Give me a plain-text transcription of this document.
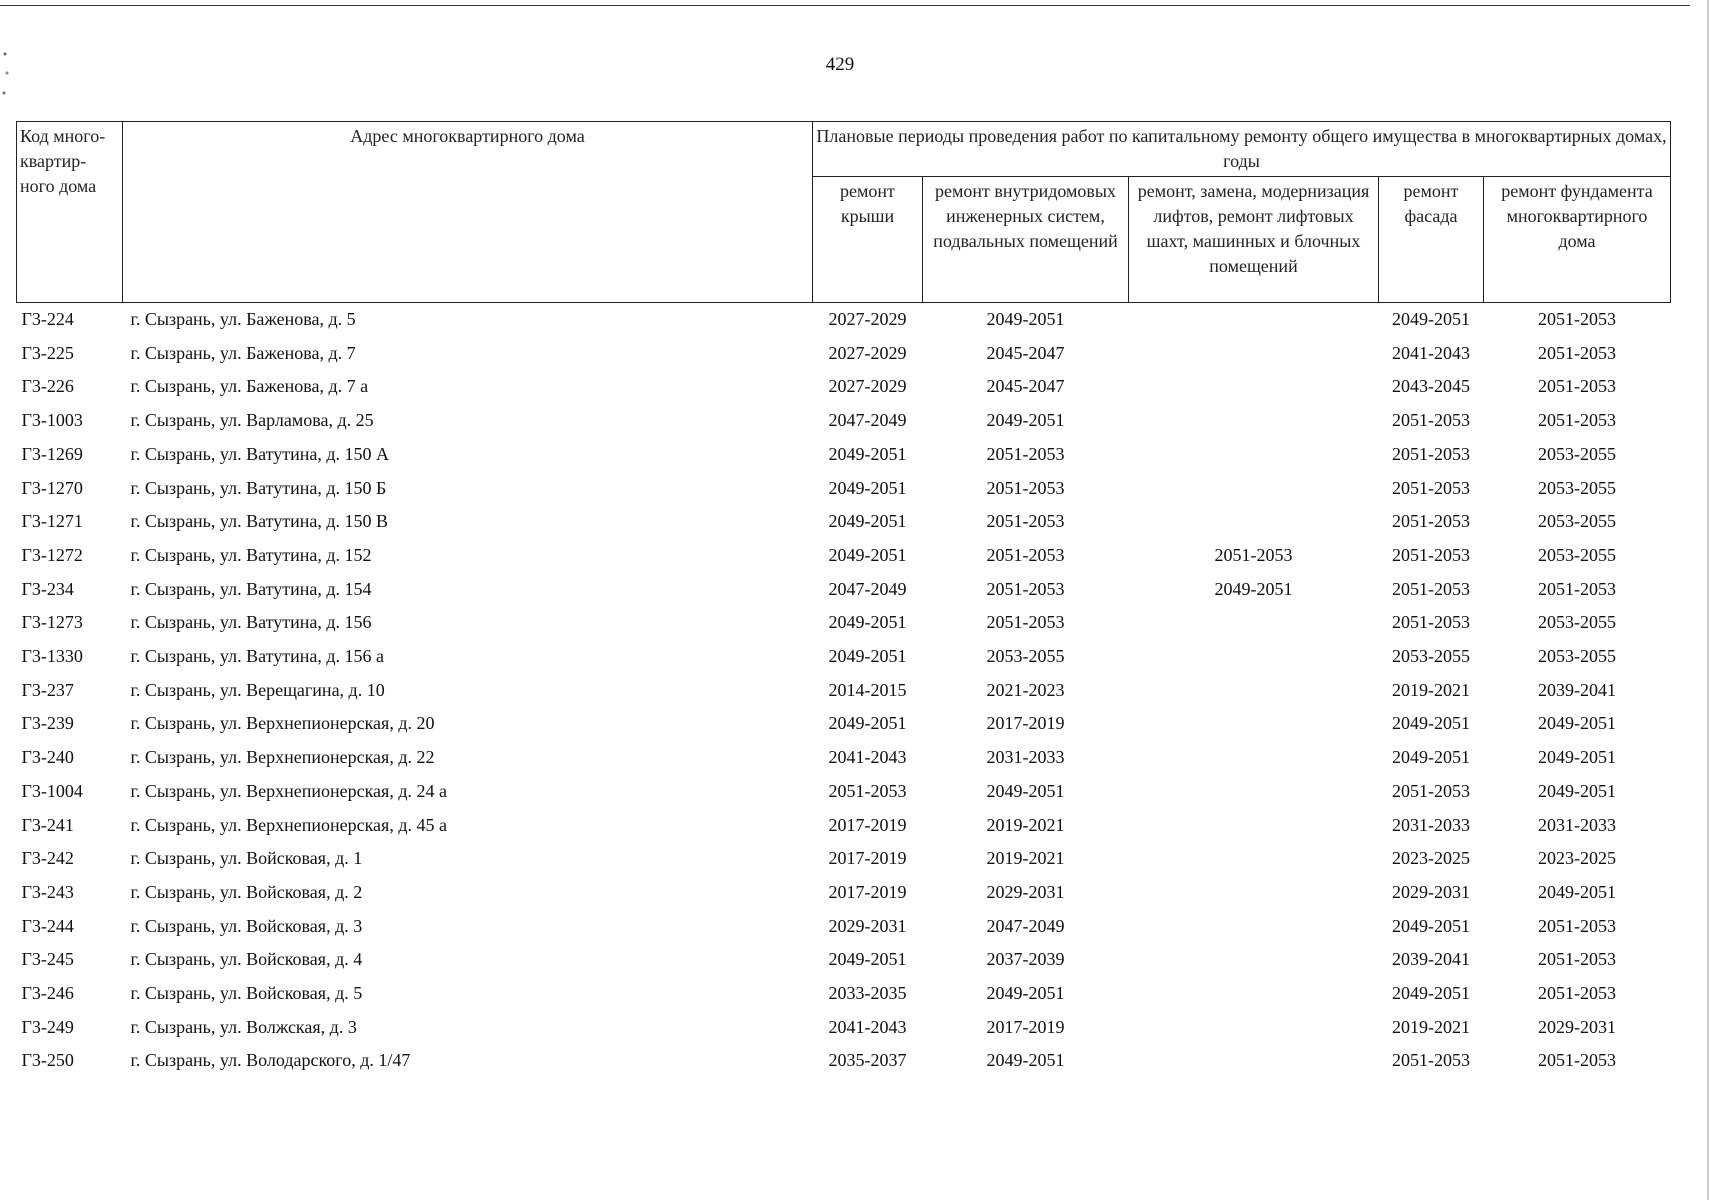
429
Код много-квартир-ного дома	Адрес многоквартирного дома	Плановые периоды проведения работ по капитальному ремонту общего имущества в многоквартирных домах, годы				
		ремонт крыши	ремонт внутридомовых инженерных систем, подвальных помещений	ремонт, замена, модернизация лифтов, ремонт лифтовых шахт, машинных и блочных помещений	ремонт фасада	ремонт фундамента многоквартирного дома
Г3-224	г. Сызрань, ул. Баженова, д. 5	2027-2029	2049-2051		2049-2051	2051-2053
Г3-225	г. Сызрань, ул. Баженова, д. 7	2027-2029	2045-2047		2041-2043	2051-2053
Г3-226	г. Сызрань, ул. Баженова, д. 7 а	2027-2029	2045-2047		2043-2045	2051-2053
Г3-1003	г. Сызрань, ул. Варламова, д. 25	2047-2049	2049-2051		2051-2053	2051-2053
Г3-1269	г. Сызрань, ул. Ватутина, д. 150 А	2049-2051	2051-2053		2051-2053	2053-2055
Г3-1270	г. Сызрань, ул. Ватутина, д. 150 Б	2049-2051	2051-2053		2051-2053	2053-2055
Г3-1271	г. Сызрань, ул. Ватутина, д. 150 В	2049-2051	2051-2053		2051-2053	2053-2055
Г3-1272	г. Сызрань, ул. Ватутина, д. 152	2049-2051	2051-2053	2051-2053	2051-2053	2053-2055
Г3-234	г. Сызрань, ул. Ватутина, д. 154	2047-2049	2051-2053	2049-2051	2051-2053	2051-2053
Г3-1273	г. Сызрань, ул. Ватутина, д. 156	2049-2051	2051-2053		2051-2053	2053-2055
Г3-1330	г. Сызрань, ул. Ватутина, д. 156 а	2049-2051	2053-2055		2053-2055	2053-2055
Г3-237	г. Сызрань, ул. Верещагина, д. 10	2014-2015	2021-2023		2019-2021	2039-2041
Г3-239	г. Сызрань, ул. Верхнепионерская, д. 20	2049-2051	2017-2019		2049-2051	2049-2051
Г3-240	г. Сызрань, ул. Верхнепионерская, д. 22	2041-2043	2031-2033		2049-2051	2049-2051
Г3-1004	г. Сызрань, ул. Верхнепионерская, д. 24 а	2051-2053	2049-2051		2051-2053	2049-2051
Г3-241	г. Сызрань, ул. Верхнепионерская, д. 45 а	2017-2019	2019-2021		2031-2033	2031-2033
Г3-242	г. Сызрань, ул. Войсковая, д. 1	2017-2019	2019-2021		2023-2025	2023-2025
Г3-243	г. Сызрань, ул. Войсковая, д. 2	2017-2019	2029-2031		2029-2031	2049-2051
Г3-244	г. Сызрань, ул. Войсковая, д. 3	2029-2031	2047-2049		2049-2051	2051-2053
Г3-245	г. Сызрань, ул. Войсковая, д. 4	2049-2051	2037-2039		2039-2041	2051-2053
Г3-246	г. Сызрань, ул. Войсковая, д. 5	2033-2035	2049-2051		2049-2051	2051-2053
Г3-249	г. Сызрань, ул. Волжская, д. 3	2041-2043	2017-2019		2019-2021	2029-2031
Г3-250	г. Сызрань, ул. Володарского, д. 1/47	2035-2037	2049-2051		2051-2053	2051-2053
